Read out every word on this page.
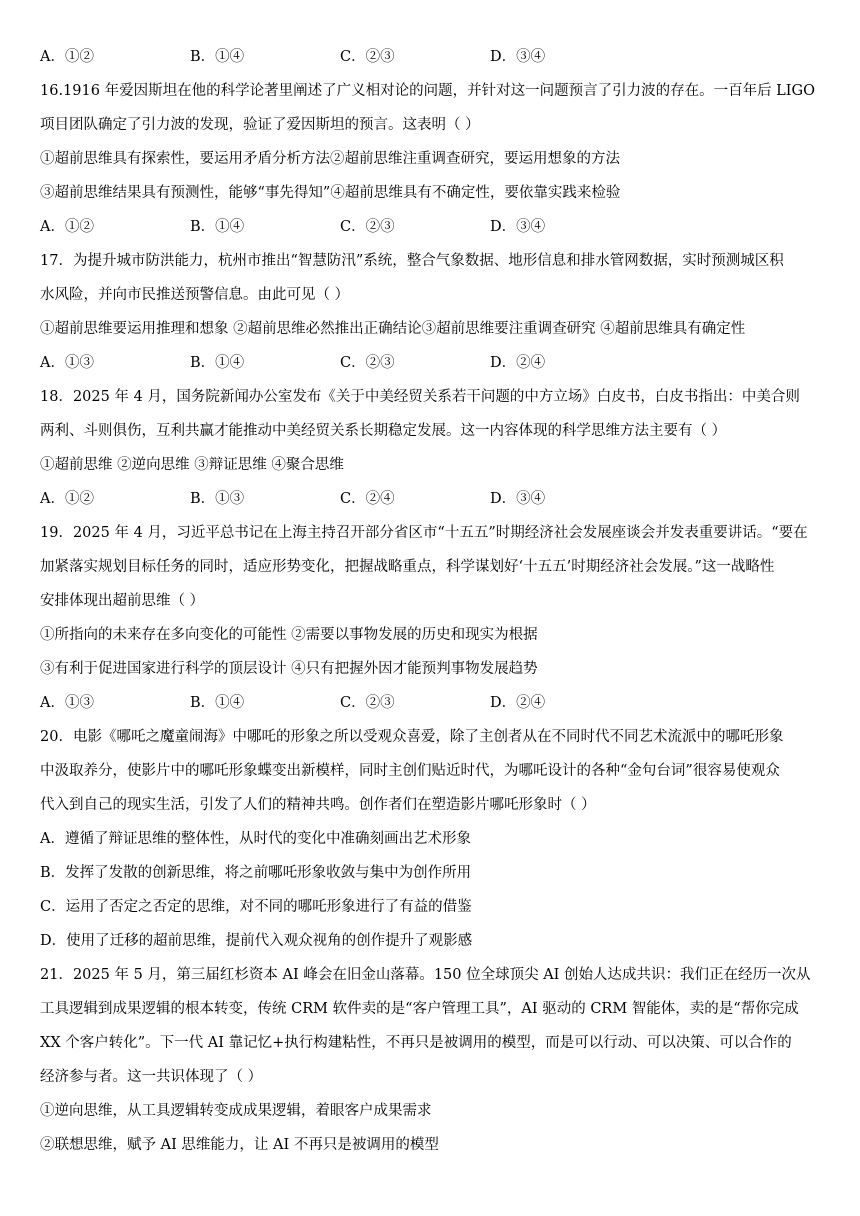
A．①②	B．①④	C．②③	D．③④
16.1916 年爱因斯坦在他的科学论著里阐述了广义相对论的问题，并针对这一问题预言了引力波的存在。一百年后 LIGO
项目团队确定了引力波的发现，验证了爱因斯坦的预言。这表明（ ）
①超前思维具有探索性，要运用矛盾分析方法②超前思维注重调查研究，要运用想象的方法
③超前思维结果具有预测性，能够“事先得知”④超前思维具有不确定性，要依靠实践来检验
A．①②	B．①④	C．②③	D．③④
17．为提升城市防洪能力，杭州市推出“智慧防汛”系统，整合气象数据、地形信息和排水管网数据，实时预测城区积
水风险，并向市民推送预警信息。由此可见（ ）
①超前思维要运用推理和想象 ②超前思维必然推出正确结论③超前思维要注重调查研究 ④超前思维具有确定性
A．①③	B．①④	C．②③	D．②④
18．2025 年 4 月，国务院新闻办公室发布《关于中美经贸关系若干问题的中方立场》白皮书，白皮书指出：中美合则
两利、斗则俱伤，互利共赢才能推动中美经贸关系长期稳定发展。这一内容体现的科学思维方法主要有（ ）
①超前思维 ②逆向思维 ③辩证思维 ④聚合思维
A．①②	B．①③	C．②④	D．③④
19．2025 年 4 月，习近平总书记在上海主持召开部分省区市“十五五”时期经济社会发展座谈会并发表重要讲话。“要在
加紧落实规划目标任务的同时，适应形势变化，把握战略重点，科学谋划好‘十五五’时期经济社会发展。”这一战略性
安排体现出超前思维（ ）
①所指向的未来存在多向变化的可能性 ②需要以事物发展的历史和现实为根据
③有利于促进国家进行科学的顶层设计 ④只有把握外因才能预判事物发展趋势
A．①③	B．①④	C．②③	D．②④
20．电影《哪吒之魔童闹海》中哪吒的形象之所以受观众喜爱，除了主创者从在不同时代不同艺术流派中的哪吒形象
中汲取养分，使影片中的哪吒形象蝶变出新模样，同时主创们贴近时代，为哪吒设计的各种“金句台词”很容易使观众
代入到自己的现实生活，引发了人们的精神共鸣。创作者们在塑造影片哪吒形象时（ ）
A．遵循了辩证思维的整体性，从时代的变化中准确刻画出艺术形象
B．发挥了发散的创新思维，将之前哪吒形象收敛与集中为创作所用
C．运用了否定之否定的思维，对不同的哪吒形象进行了有益的借鉴
D．使用了迁移的超前思维，提前代入观众视角的创作提升了观影感
21．2025 年 5 月，第三届红杉资本 AI 峰会在旧金山落幕。150 位全球顶尖 AI 创始人达成共识：我们正在经历一次从
工具逻辑到成果逻辑的根本转变，传统 CRM 软件卖的是“客户管理工具”，AI 驱动的 CRM 智能体，卖的是“帮你完成
XX 个客户转化”。下一代 AI 靠记忆+执行构建粘性，不再只是被调用的模型，而是可以行动、可以决策、可以合作的
经济参与者。这一共识体现了（ ）
①逆向思维，从工具逻辑转变成成果逻辑，着眼客户成果需求
②联想思维，赋予 AI 思维能力，让 AI 不再只是被调用的模型
